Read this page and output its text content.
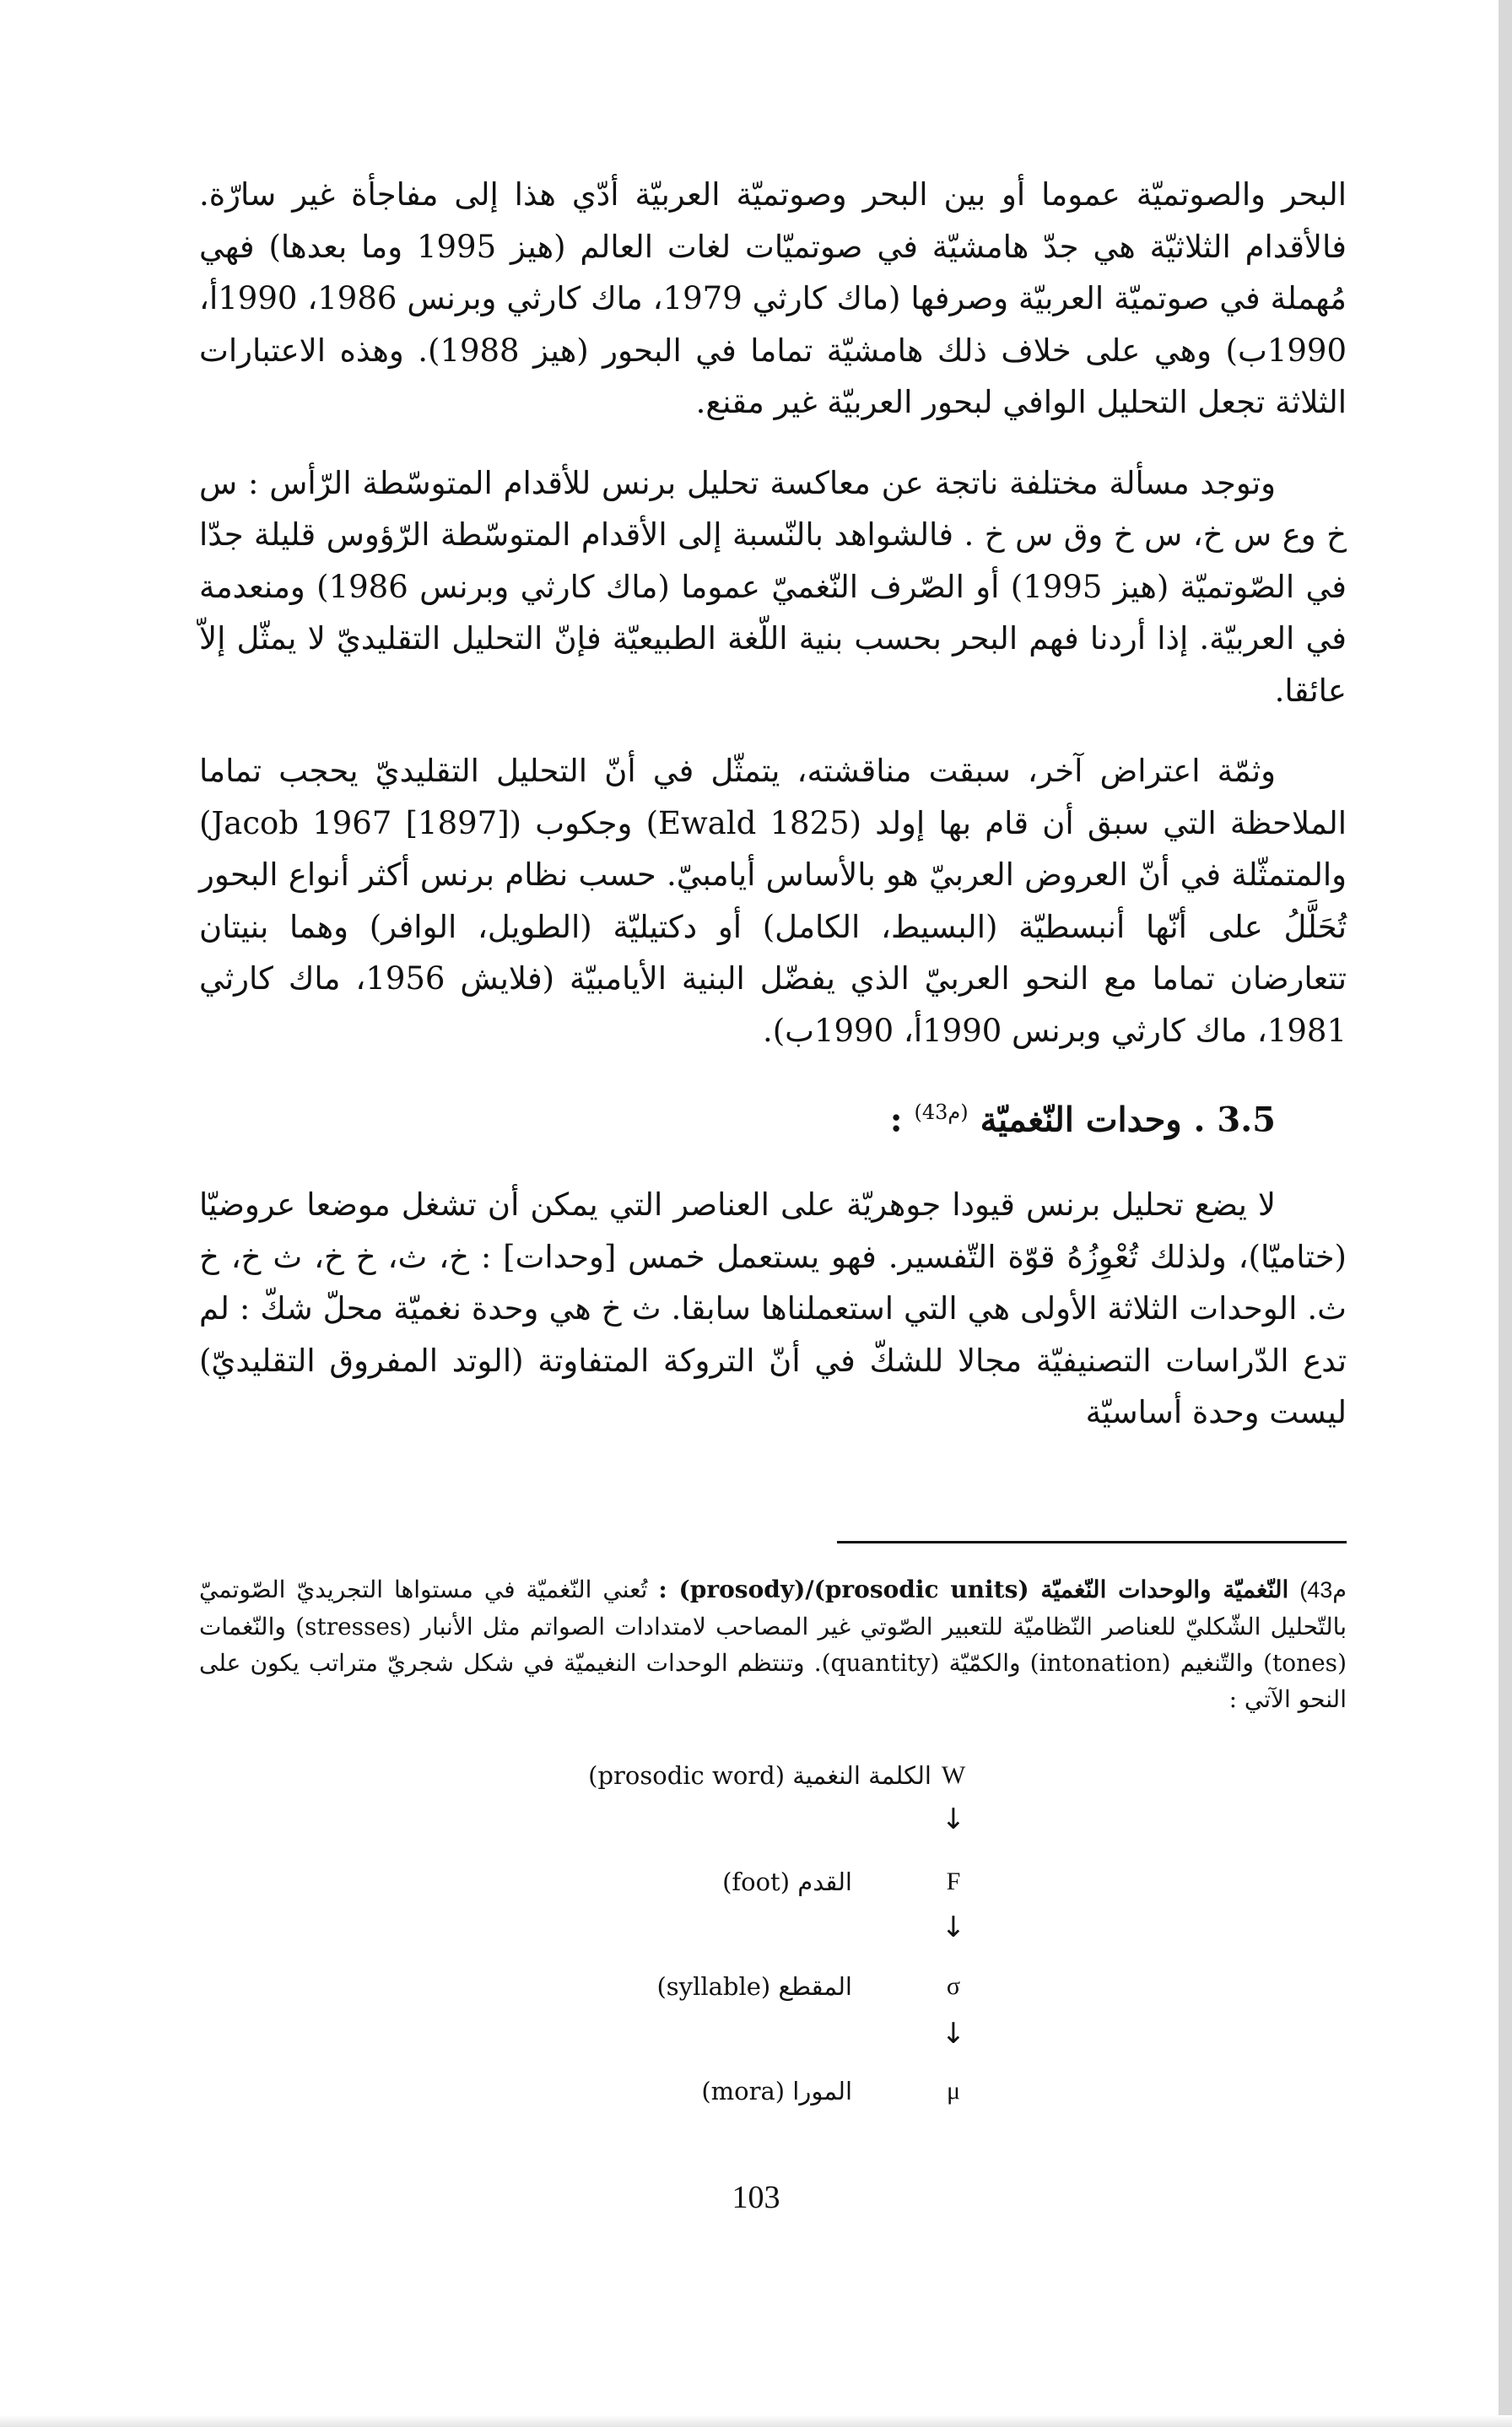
البحر والصوتميّة عموما أو بين البحر وصوتميّة العربيّة أدّي هذا إلى مفاجأة غير سارّة. فالأقدام الثلاثيّة هي جدّ هامشيّة في صوتميّات لغات العالم (هيز 1995 وما بعدها) فهي مُهملة في صوتميّة العربيّة وصرفها (ماك كارثي 1979، ماك كارثي وبرنس 1986، 1990أ، 1990ب) وهي على خلاف ذلك هامشيّة تماما في البحور (هيز 1988). وهذه الاعتبارات الثلاثة تجعل التحليل الوافي لبحور العربيّة غير مقنع.

وتوجد مسألة مختلفة ناتجة عن معاكسة تحليل برنس للأقدام المتوسّطة الرّأس : س خ وع س خ، س خ وق س خ . فالشواهد بالنّسبة إلى الأقدام المتوسّطة الرّؤوس قليلة جدّا في الصّوتميّة (هيز 1995) أو الصّرف النّغميّ عموما (ماك كارثي وبرنس 1986) ومنعدمة في العربيّة. إذا أردنا فهم البحر بحسب بنية اللّغة الطبيعيّة فإنّ التحليل التقليديّ لا يمثّل إلاّ عائقا.

وثمّة اعتراض آخر، سبقت مناقشته، يتمثّل في أنّ التحليل التقليديّ يحجب تماما الملاحظة التي سبق أن قام بها إولد (Ewald 1825) وجكوب ([1897] Jacob 1967) والمتمثّلة في أنّ العروض العربيّ هو بالأساس أيامبيّ. حسب نظام برنس أكثر أنواع البحور تُحَلَّلُ على أنّها أنبسطيّة (البسيط، الكامل) أو دكتيليّة (الطويل، الوافر) وهما بنيتان تتعارضان تماما مع النحو العربيّ الذي يفضّل البنية الأيامبيّة (فلايش 1956، ماك كارثي 1981، ماك كارثي وبرنس 1990أ، 1990ب).

3.5 . وحدات النّغميّة $^{(م43)}$ :

لا يضع تحليل برنس قيودا جوهريّة على العناصر التي يمكن أن تشغل موضعا عروضيّا (ختاميّا)، ولذلك تُعْوِزُهُ قوّة التّفسير. فهو يستعمل خمس [وحدات] : خ، ث، خ خ، ث خ، خ ث. الوحدات الثلاثة الأولى هي التي استعملناها سابقا. ث خ هي وحدة نغميّة محلّ شكّ : لم تدع الدّراسات التصنيفيّة مجالا للشكّ في أنّ التروكة المتفاوتة (الوتد المفروق التقليديّ) ليست وحدة أساسيّة

م43) النّغميّة والوحدات النّغميّة (prosodic units)/(prosody) : تُعني النّغميّة في مستواها التجريديّ الصّوتميّ بالتّحليل الشّكليّ للعناصر النّظاميّة للتعبير الصّوتي غير المصاحب لامتدادات الصواتم مثل الأنبار (stresses) والنّغمات (tones) والتّنغيم (intonation) والكمّيّة (quantity). وتنتظم الوحدات النغيميّة في شكل شجريّ متراتب يكون على النحو الآتي :

الكلمة النغمية (prosodic word) W
↓
القدم (foot)	F
↓
المقطع (syllable)	σ
↓
المورا (mora)	μ
103
